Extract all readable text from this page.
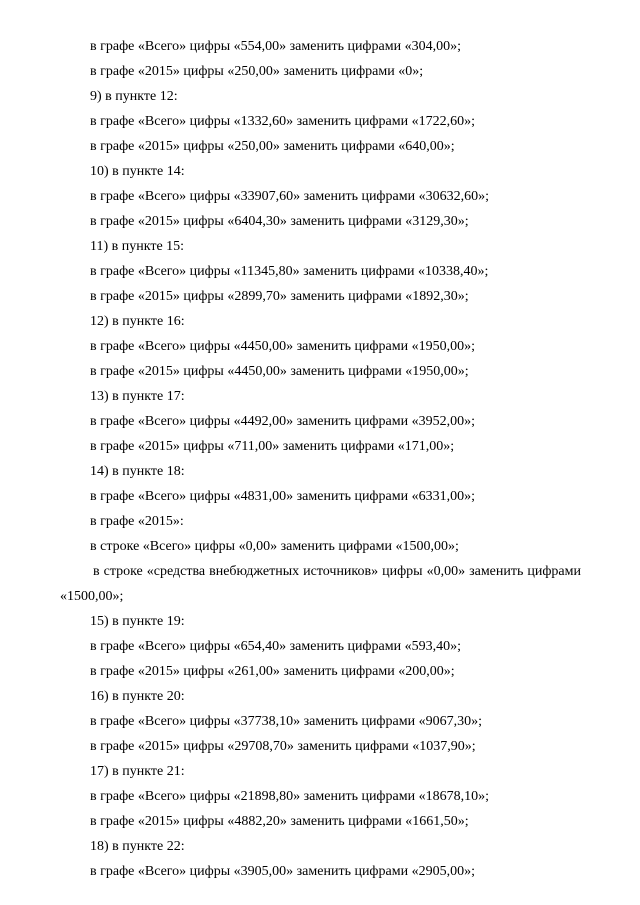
в графе «Всего» цифры «554,00» заменить цифрами «304,00»;
в графе «2015» цифры «250,00» заменить цифрами «0»;
9) в пункте 12:
в графе «Всего» цифры «1332,60» заменить цифрами «1722,60»;
в графе «2015» цифры «250,00» заменить цифрами «640,00»;
10) в пункте 14:
в графе «Всего» цифры «33907,60» заменить цифрами «30632,60»;
в графе «2015» цифры «6404,30» заменить цифрами «3129,30»;
11) в пункте 15:
в графе «Всего» цифры «11345,80» заменить цифрами «10338,40»;
в графе «2015» цифры «2899,70» заменить цифрами «1892,30»;
12) в пункте 16:
в графе «Всего» цифры «4450,00» заменить цифрами «1950,00»;
в графе «2015» цифры «4450,00» заменить цифрами «1950,00»;
13) в пункте 17:
в графе «Всего» цифры «4492,00» заменить цифрами «3952,00»;
в графе «2015» цифры «711,00» заменить цифрами «171,00»;
14) в пункте 18:
в графе «Всего» цифры «4831,00» заменить цифрами «6331,00»;
в графе «2015»:
в строке «Всего» цифры «0,00» заменить цифрами «1500,00»;
в строке «средства внебюджетных источников» цифры «0,00» заменить цифрами
«1500,00»;
15) в пункте 19:
в графе «Всего» цифры «654,40» заменить цифрами «593,40»;
в графе «2015» цифры «261,00» заменить цифрами «200,00»;
16) в пункте 20:
в графе «Всего» цифры «37738,10» заменить цифрами «9067,30»;
в графе «2015» цифры «29708,70» заменить цифрами «1037,90»;
17) в пункте 21:
в графе «Всего» цифры «21898,80» заменить цифрами «18678,10»;
в графе «2015» цифры «4882,20» заменить цифрами «1661,50»;
18) в пункте 22:
в графе «Всего» цифры «3905,00» заменить цифрами «2905,00»;
